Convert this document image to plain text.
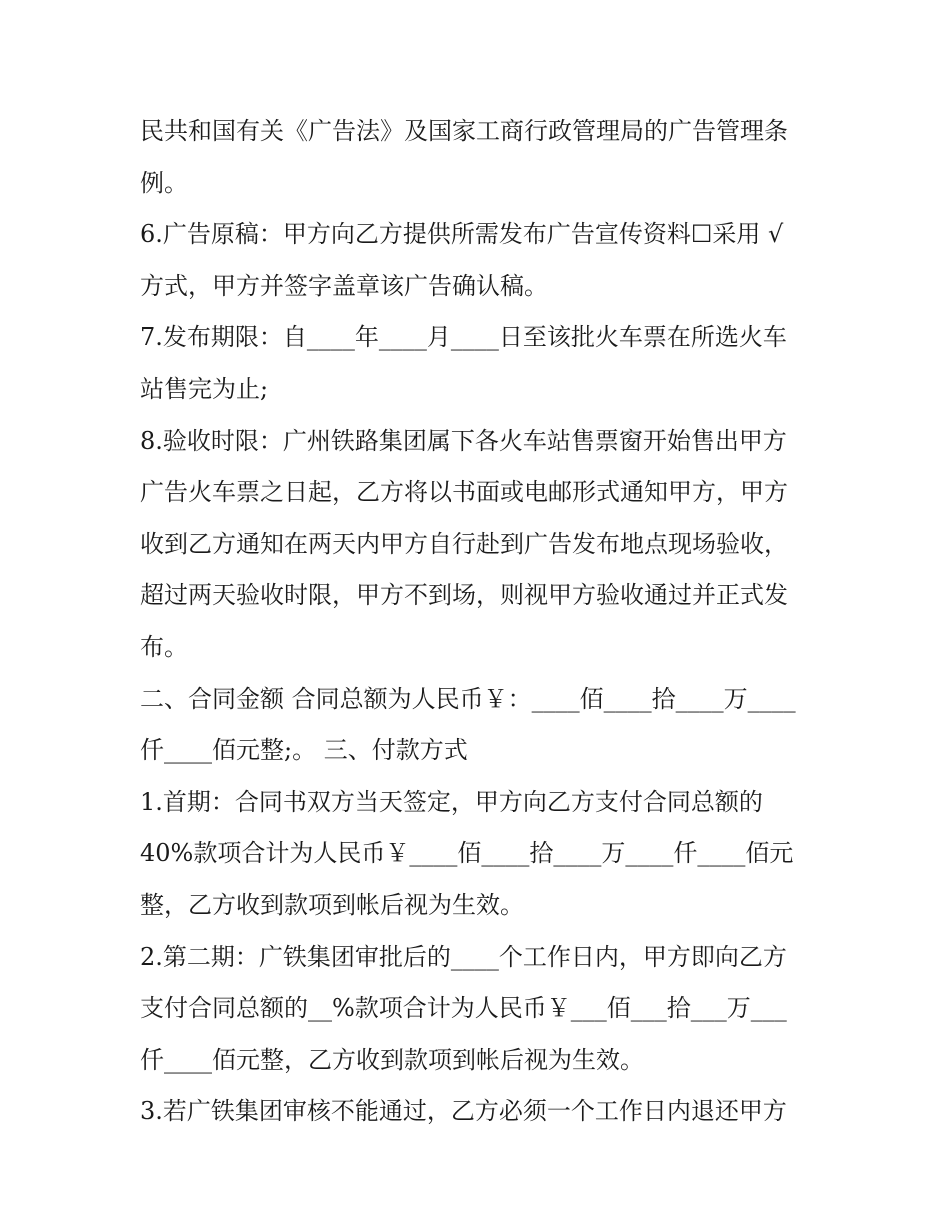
民共和国有关《广告法》及国家工商行政管理局的广告管理条
例。
6.广告原稿：甲方向乙方提供所需发布广告宣传资料☐采用 √
方式，甲方并签字盖章该广告确认稿。
7.发布期限：自____年____月____日至该批火车票在所选火车
站售完为止;
8.验收时限：广州铁路集团属下各火车站售票窗开始售出甲方
广告火车票之日起，乙方将以书面或电邮形式通知甲方，甲方
收到乙方通知在两天内甲方自行赴到广告发布地点现场验收，
超过两天验收时限，甲方不到场，则视甲方验收通过并正式发
布。
二、合同金额 合同总额为人民币￥：____佰____拾____万____
仟____佰元整;。 三、付款方式
1.首期：合同书双方当天签定，甲方向乙方支付合同总额的
40%款项合计为人民币￥____佰____拾____万____仟____佰元
整，乙方收到款项到帐后视为生效。
2.第二期：广铁集团审批后的____个工作日内，甲方即向乙方
支付合同总额的__%款项合计为人民币￥___佰___拾___万___
仟____佰元整，乙方收到款项到帐后视为生效。
3.若广铁集团审核不能通过，乙方必须一个工作日内退还甲方
